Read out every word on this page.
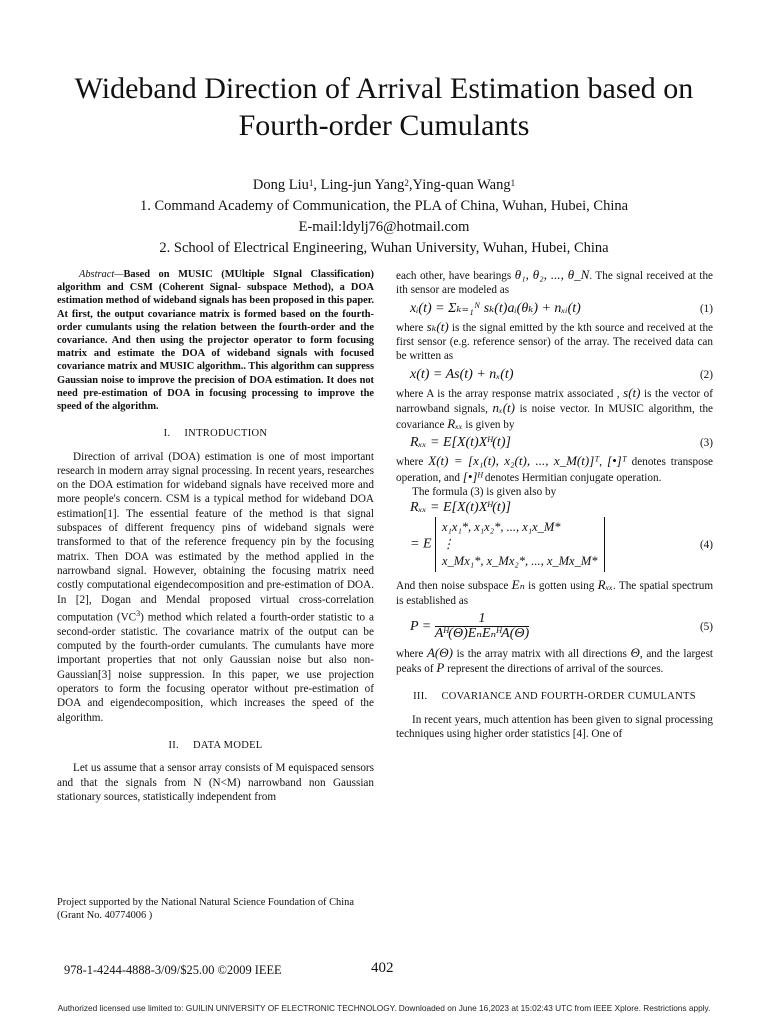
Wideband Direction of Arrival Estimation based on
Fourth-order Cumulants
Dong Liu$^1$, Ling-jun Yang$^2$,Ying-quan Wang$^1$
1. Command Academy of Communication, the PLA of China, Wuhan, Hubei, China
E-mail:ldylj76@hotmail.com
2. School of Electrical Engineering, Wuhan University, Wuhan, Hubei, China

Abstract—Based on MUSIC (MUltiple SIgnal Classification) algorithm and CSM (Coherent Signal- subspace Method), a DOA estimation method of wideband signals has been proposed in this paper. At first, the output covariance matrix is formed based on the fourth-order cumulants using the relation between the fourth-order and the covariance. And then using the projector operator to form focusing matrix and estimate the DOA of wideband signals with focused covariance matrix and MUSIC algorithm.. This algorithm can suppress Gaussian noise to improve the precision of DOA estimation. It does not need pre-estimation of DOA in focusing processing to improve the speed of the algorithm.

I. INTRODUCTION

Direction of arrival (DOA) estimation is one of most important research in modern array signal processing. In recent years, researches on the DOA estimation for wideband signals have received more and more people's concern. CSM is a typical method for wideband DOA estimation[1]. The essential feature of the method is that signal subspaces of different frequency pins of wideband signals were transformed to that of the reference frequency pin by the focusing matrix. Then DOA was estimated by the method applied in the narrowband signal. However, obtaining the focusing matrix need costly computational eigendecomposition and pre-estimation of DOA. In [2], Dogan and Mendal proposed virtual cross-correlation computation $(VC^3)$ method which related a fourth-order statistic to a second-order statistic. The covariance matrix of the output can be computed by the fourth-order cumulants. The cumulants have more important properties that not only Gaussian noise but also non-Gaussian[3] noise suppression. In this paper, we use projection operators to form the focusing operator without pre-estimation of DOA and eigendecomposition, which increases the speed of the algorithm.

II. DATA MODEL

Let us assume that a sensor array consists of M equispaced sensors and that the signals from N (N<M) narrowband non Gaussian stationary sources, statistically independent from

Project supported by the National Natural Science Foundation of China (Grant No. 40774006 )

each other, have bearings θ₁, θ₂, ..., θ_N. The signal received at the ith sensor are modeled as

xᵢ(t) = Σₖ₌₁ᴺ sₖ(t)aᵢ(θₖ) + nₓᵢ(t)	(1)

where sₖ(t) is the signal emitted by the kth source and received at the first sensor (e.g. reference sensor) of the array. The received data can be written as

x(t) = As(t) + nₓ(t)	(2)

where A is the array response matrix associated , s(t) is the vector of narrowband signals, nₓ(t) is noise vector. In MUSIC algorithm, the covariance Rₓₓ is given by

Rₓₓ = E[X(t)Xᴴ(t)]	(3)

where X(t) = [x₁(t), x₂(t), ..., x_M(t)]ᵀ, [•]ᵀ denotes transpose operation, and [•]ᴴ denotes Hermitian conjugate operation.

The formula (3) is given also by

Rₓₓ = E[X(t)Xᴴ(t)]
= E
x₁x₁*, x₁x₂*, ..., x₁x_M*
⋮
x_Mx₁*, x_Mx₂*, ..., x_Mx_M*
(4)

And then noise subspace Eₙ is gotten using Rₓₓ. The spatial spectrum is established as

$P = \frac{1}{\text{Aᴴ(Θ)EₙEₙᴴA(Θ)}}$	(5)

where A(Θ) is the array matrix with all directions Θ, and the largest peaks of P represent the directions of arrival of the sources.

III. COVARIANCE AND FOURTH-ORDER CUMULANTS

In recent years, much attention has been given to signal processing techniques using higher order statistics [4]. One of

978-1-4244-4888-3/09/$25.00 ©2009 IEEE	402
Authorized licensed use limited to: GUILIN UNIVERSITY OF ELECTRONIC TECHNOLOGY. Downloaded on June 16,2023 at 15:02:43 UTC from IEEE Xplore. Restrictions apply.
